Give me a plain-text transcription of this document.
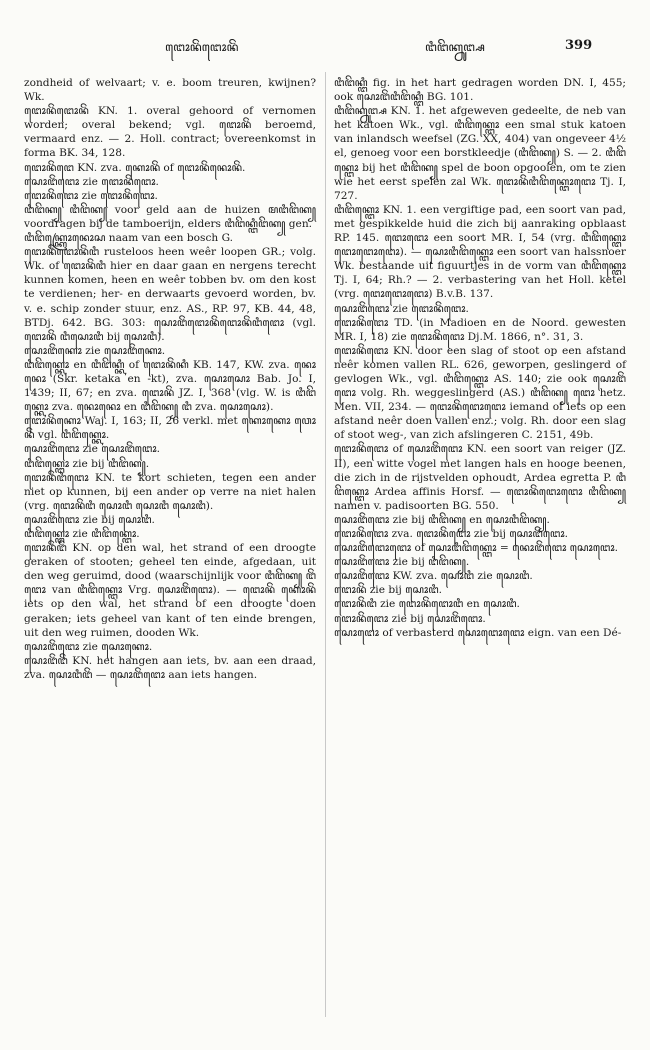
ꦔꦺꦴꦤꦼꦁꦔꦺꦴꦤꦼꦁ	ꦔꦶꦔꦼꦏ꧀ꦤꦸꦔ꧀ꦱ	399

zondheid of welvaart; v. e. boom treuren, kwijnen? Wk.

ꦔꦺꦴꦤꦼꦁꦔꦺꦴꦤꦼꦁ KN. 1. overal gehoord of vernomen worden; overal bekend; vgl. ꦔꦺꦴꦤꦼꦁ beroemd, vermaard enz. — 2. Holl. contract; overeenkomst in forma BK. 34, 128.

ꦔꦺꦴꦤꦼꦁꦔꦺ KN. zva. ꦏꦺꦴꦤꦼꦁ of ꦔꦺꦴꦤꦼꦁꦤꦺꦴꦤꦼꦁ.

ꦱꦺꦴꦔꦼꦁꦔꦺꦴ zie ꦔꦺꦴꦤꦼꦁꦔꦺꦴ.

ꦔꦺꦴꦤꦼꦁꦔꦺꦴ zie ꦔꦺꦴꦤꦼꦁꦔꦺꦴ.

ꦔꦶꦔꦼꦏ꧀ ꦔꦶꦔꦼꦏ꧀ voor geld aan de huizen ꦩꦔꦶꦔꦼꦏ꧀ voordragen bij de tamboerijn, elders ꦔꦶꦔꦼꦏ꧀ꦔꦶꦔꦼꦏ꧀ gen.

ꦔꦶꦔꦼꦏ꧀ꦏꦿꦺꦴꦤꦺꦴꦱ naam van een bosch G.

ꦔꦺꦴꦤꦼꦁꦔꦺꦴꦤꦼꦁꦔꦶ rusteloos heen weêr loopen GR.; volg. Wk. of ꦔꦺꦴꦤꦼꦁꦔꦶ hier en daar gaan en nergens terecht kunnen komen, heen en weêr tobben bv. om den kost te verdienen; her- en derwaarts gevoerd worden, bv. v. e. schip zonder stuur, enz. AS., RP. 97, KB. 44, 48, BTDj. 642. BG. 303: ꦱꦺꦴꦔꦼꦁꦔꦺꦴꦤꦼꦁꦔꦺꦴꦤꦼꦁꦔꦶꦔꦺꦴ (vgl. ꦔꦺꦴꦤꦼꦁ ꦔꦶꦱꦺꦴꦔꦶ bij ꦱꦺꦴꦔꦶ).

ꦱꦺꦴꦔꦼꦁꦏꦺꦴ zie ꦱꦺꦴꦔꦼꦁꦏꦺꦴ.

ꦔꦶꦔꦼꦏ꧀ꦏꦺꦴ en ꦔꦶꦔꦼꦏ꧀ꦏꦶ of ꦔꦺꦴꦤꦼꦁꦏꦶ KB. 147, KW. zva. ꦤꦺꦴꦤꦺꦴ (Skr. ketaka en -kt), zva. ꦱꦺꦴꦱꦺꦴ Bab. Jo. I, 1439; II, 67; en zva. ꦔꦺꦴꦤꦼꦁ JZ. I, 368 (vlg. W. is ꦔꦶꦔꦼꦏ꧀ꦏꦺꦴ zva. ꦤꦺꦴꦤꦺꦴ en ꦔꦶꦔꦼꦏ꧀ ꦔꦶ zva. ꦱꦺꦴꦱꦺꦴ).

ꦔꦺꦴꦤꦼꦁꦏꦺꦴ Waj. I, 163; II, 26 verkl. met ꦏꦺꦴꦏꦺꦴ ꦮꦺꦴꦤꦼꦁ vgl. ꦔꦶꦔꦼꦏ꧀ꦏꦺꦴ.

ꦱꦺꦴꦔꦼꦁꦔꦺꦴ zie ꦱꦺꦴꦔꦼꦁꦔꦺꦴ.

ꦔꦶꦔꦼꦏ꧀ꦔꦺꦴ zie bij ꦔꦶꦔꦼꦏ꧀.

ꦔꦺꦴꦤꦼꦁꦔꦶꦔꦺꦴ KN. te kort schieten, tegen een ander niet op kunnen, bij een ander op verre na niet halen (vrg. ꦔꦺꦴꦤꦼꦁꦔꦶ ꦱꦺꦴꦔꦶ ꦱꦺꦴꦔꦶ ꦱꦺꦴꦔꦶ).

ꦱꦺꦴꦔꦼꦁꦔꦺꦴ zie bij ꦱꦺꦴꦔꦶ.

ꦔꦶꦔꦼꦏ꧀ꦔꦺꦴ zie ꦔꦶꦔꦼꦏ꧀ꦔꦺꦴ.

ꦔꦺꦴꦤꦼꦁꦔꦼꦁ KN. op den wal, het strand of een droogte geraken of stooten; geheel ten einde, afgedaan, uit den weg geruimd, dood (waarschijnlijk voor ꦔꦶꦔꦼꦏ꧀ ꦔꦼꦁꦔꦺꦴ van ꦔꦶꦔꦼꦏ꧀ꦔꦺꦴ Vrg. ꦱꦺꦴꦔꦼꦁꦔꦺꦴ). — ꦔꦺꦴꦤꦼꦁ ꦏꦺꦴꦤꦼꦁ iets op den wal, het strand of een droogte doen geraken; iets geheel van kant of ten einde brengen, uit den weg ruimen, dooden Wk.

ꦱꦺꦴꦔꦼꦁꦔꦺꦴ zie ꦱꦺꦴꦏꦺꦴ.

ꦱꦺꦴꦔꦼꦁꦔꦼꦁ KN. het hangen aan iets, bv. aan een draad, zva. ꦱꦺꦴꦔꦶꦔꦼꦁ — ꦱꦺꦴꦔꦼꦁꦔꦺꦴ aan iets hangen.

ꦔꦶꦔꦼꦏ꧀ꦔꦶ fig. in het hart gedragen worden DN. I, 455; ook ꦱꦺꦴꦔꦼꦁꦔꦶꦔꦼꦏ꧀ꦔꦶ BG. 101.

ꦔꦶꦔꦼꦏ꧀ꦤꦸꦔ꧀ꦱ KN. 1. het afgeweven gedeelte, de neb van het katoen Wk., vgl. ꦔꦶꦔꦼꦏ꧀ꦔꦺꦴ een smal stuk katoen van inlandsch weefsel (ZG. XX, 404) van ongeveer 4½ el, genoeg voor een borstkleedje (ꦔꦶꦔꦼꦏ꧀) S. — 2. ꦔꦶꦔꦼꦏ꧀ꦔꦺꦴ bij het ꦔꦶꦔꦼꦏ꧀ spel de boon opgooien, om te zien wie het eerst spelen zal Wk. ꦔꦺꦴꦤꦼꦁꦔꦶꦔꦼꦏ꧀ꦔꦺꦴꦔꦺꦴ Tj. I, 727.

ꦔꦶꦔꦼꦏ꧀ꦔꦺꦴ KN. 1. een vergiftige pad, een soort van pad, met gespikkelde huid die zich bij aanraking opblaast RP. 145. ꦔꦺꦴꦔꦺꦴ een soort MR. I, 54 (vrg. ꦔꦶꦔꦼꦏ꧀ꦔꦺꦴ ꦔꦺꦴꦔꦺꦴꦔꦺꦴ). — ꦱꦺꦴꦔꦶꦔꦼꦏ꧀ꦔꦺꦴ een soort van halssnoer Wk. bestaande uit figuurtjes in de vorm van ꦔꦶꦔꦼꦏ꧀ꦔꦺꦴ Tj. I, 64; Rh.? — 2. verbastering van het Holl. ketel (vrg. ꦔꦺꦴꦔꦺꦴꦔꦺꦴ) B.v.B. 137.

ꦱꦺꦴꦔꦼꦁꦔꦺꦴ zie ꦔꦺꦴꦤꦼꦁꦔꦺꦴ.

ꦔꦺꦴꦤꦼꦁꦔꦺꦴ TD. (in Madioen en de Noord. gewesten MR. I, 18) zie ꦔꦺꦴꦤꦼꦁꦔꦺꦴ Dj.M. 1866, n°. 31, 3.

ꦔꦺꦴꦤꦼꦁꦔꦺꦴ KN. door een slag of stoot op een afstand neêr komen vallen RL. 626, geworpen, geslingerd of gevlogen Wk., vgl. ꦔꦶꦔꦼꦏ꧀ꦔꦺꦴ AS. 140; zie ook ꦱꦺꦴꦔꦼꦁꦔꦺꦴ volg. Rh. weggeslingerd (AS.) ꦔꦶꦔꦼꦏ꧀ ꦔꦺꦴ hetz. Men. VII, 234. — ꦔꦺꦴꦤꦼꦁꦔꦺꦴꦔꦺꦴ iemand of iets op een afstand neêr doen vallen enz.; volg. Rh. door een slag of stoot weg-, van zich afslingeren C. 2151, 49b.

ꦔꦺꦴꦤꦼꦁꦔꦺꦴ of ꦱꦺꦴꦔꦼꦁꦔꦺꦴ KN. een soort van reiger (JZ. II), een witte vogel met langen hals en hooge beenen, die zich in de rijstvelden ophoudt, Ardea egretta P. ꦔꦶꦔꦼꦏ꧀ꦔꦺꦴ Ardea affinis Horsf. — ꦔꦺꦴꦤꦼꦁꦔꦺꦴꦔꦺꦴ ꦔꦶꦔꦼꦏ꧀ namen v. padisoorten BG. 550.

ꦱꦺꦴꦔꦼꦁꦔꦺꦴ zie bij ꦔꦶꦔꦼꦏ꧀ en ꦱꦺꦴꦔꦶꦔꦼꦏ꧀.

ꦔꦺꦴꦤꦼꦁꦔꦺꦴ zva. ꦔꦺꦴꦤꦼꦁꦔꦺꦴ zie bij ꦱꦺꦴꦔꦼꦁꦔꦺꦴ.

ꦱꦺꦴꦔꦼꦁꦔꦺꦴꦔꦺꦴ of ꦱꦺꦴꦔꦶꦔꦼꦏ꧀ꦔꦺꦴ = ꦤꦺꦴꦔꦼꦁꦔꦺꦴ ꦱꦺꦴꦔꦺꦴ.

ꦱꦺꦴꦔꦼꦁꦔꦺꦴ zie bij ꦔꦶꦔꦼꦏ꧀.

ꦱꦺꦴꦔꦼꦁꦔꦺꦴ KW. zva. ꦱꦺꦴꦔꦶ zie ꦱꦺꦴꦔꦶ.

ꦔꦺꦴꦤꦼꦁ zie bij ꦱꦺꦴꦔꦶ.

ꦔꦺꦴꦤꦼꦁꦔꦶ zie ꦔꦺꦴꦤꦼꦁꦔꦺꦴꦔꦶ en ꦱꦺꦴꦔꦶ.

ꦔꦺꦴꦤꦼꦁꦔꦺꦴ zie bij ꦱꦺꦴꦔꦼꦁꦔꦺꦴ.

ꦱꦺꦴꦔꦺꦴ of verbasterd ꦱꦺꦴꦔꦺꦴꦔꦺꦴ eign. van een Dé-
